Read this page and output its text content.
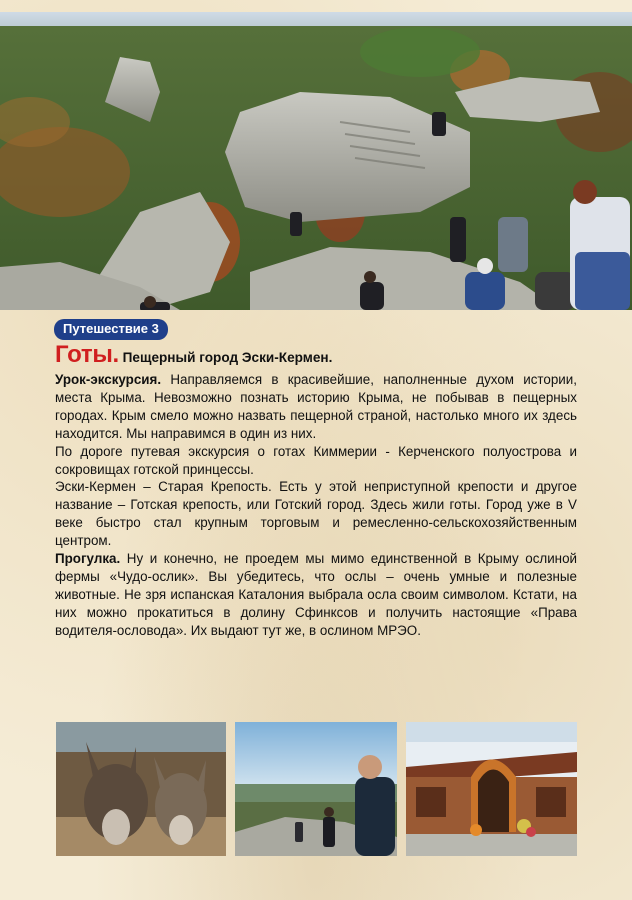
Путешествие 3
Готы. Пещерный город Эски-Кермен.

Урок-экскурсия. Направляемся в красивейшие, наполненные духом истории, места Крыма. Невозможно познать историю Крыма, не побывав в пещерных городах. Крым смело можно назвать пещерной страной, настолько много их здесь находится. Мы направимся в один из них.

По дороге путевая экскурсия о готах Киммерии - Керченского полуострова и сокровищах готской принцессы.

Эски-Кермен – Старая Крепость. Есть у этой неприступной крепости и другое название – Готская крепость, или Готский город. Здесь жили готы. Город уже в V веке быстро стал крупным торговым и ремесленно-сельскохозяйственным центром.

Прогулка. Ну и конечно, не проедем мы мимо единственной в Крыму ослиной фермы «Чудо-ослик». Вы убедитесь, что ослы – очень умные и полезные животные. Не зря испанская Каталония выбрала осла своим символом. Кстати, на них можно прокатиться в долину Сфинксов и получить настоящие «Права водителя-ословода». Их выдают тут же, в ослином МРЭО.
